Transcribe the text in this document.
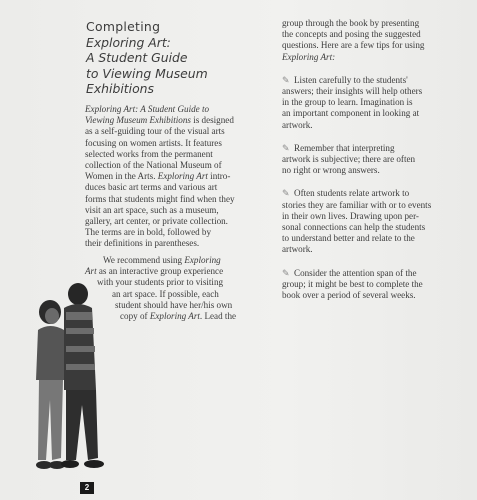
Completing
Exploring Art:
A Student Guide
to Viewing Museum
Exhibitions

Exploring Art: A Student Guide to
Viewing Museum Exhibitions is designed
as a self-guiding tour of the visual arts
focusing on women artists. It features
selected works from the permanent
collection of the National Museum of
Women in the Arts. Exploring Art intro-
duces basic art terms and various art
forms that students might find when they
visit an art space, such as a museum,
gallery, art center, or private collection.
The terms are in bold, followed by
their definitions in parentheses.

We recommend using Exploring
Art as an interactive group experience
with your students prior to visiting
an art space. If possible, each
student should have her/his own
copy of Exploring Art. Lead the

group through the book by presenting
the concepts and posing the suggested
questions. Here are a few tips for using
Exploring Art:

✎ Listen carefully to the students'
answers; their insights will help others
in the group to learn. Imagination is
an important component in looking at
artwork.

✎ Remember that interpreting
artwork is subjective; there are often
no right or wrong answers.

✎ Often students relate artwork to
stories they are familiar with or to events
in their own lives. Drawing upon per-
sonal connections can help the students
to understand better and relate to the
artwork.

✎ Consider the attention span of the
group; it might be best to complete the
book over a period of several weeks.

2
